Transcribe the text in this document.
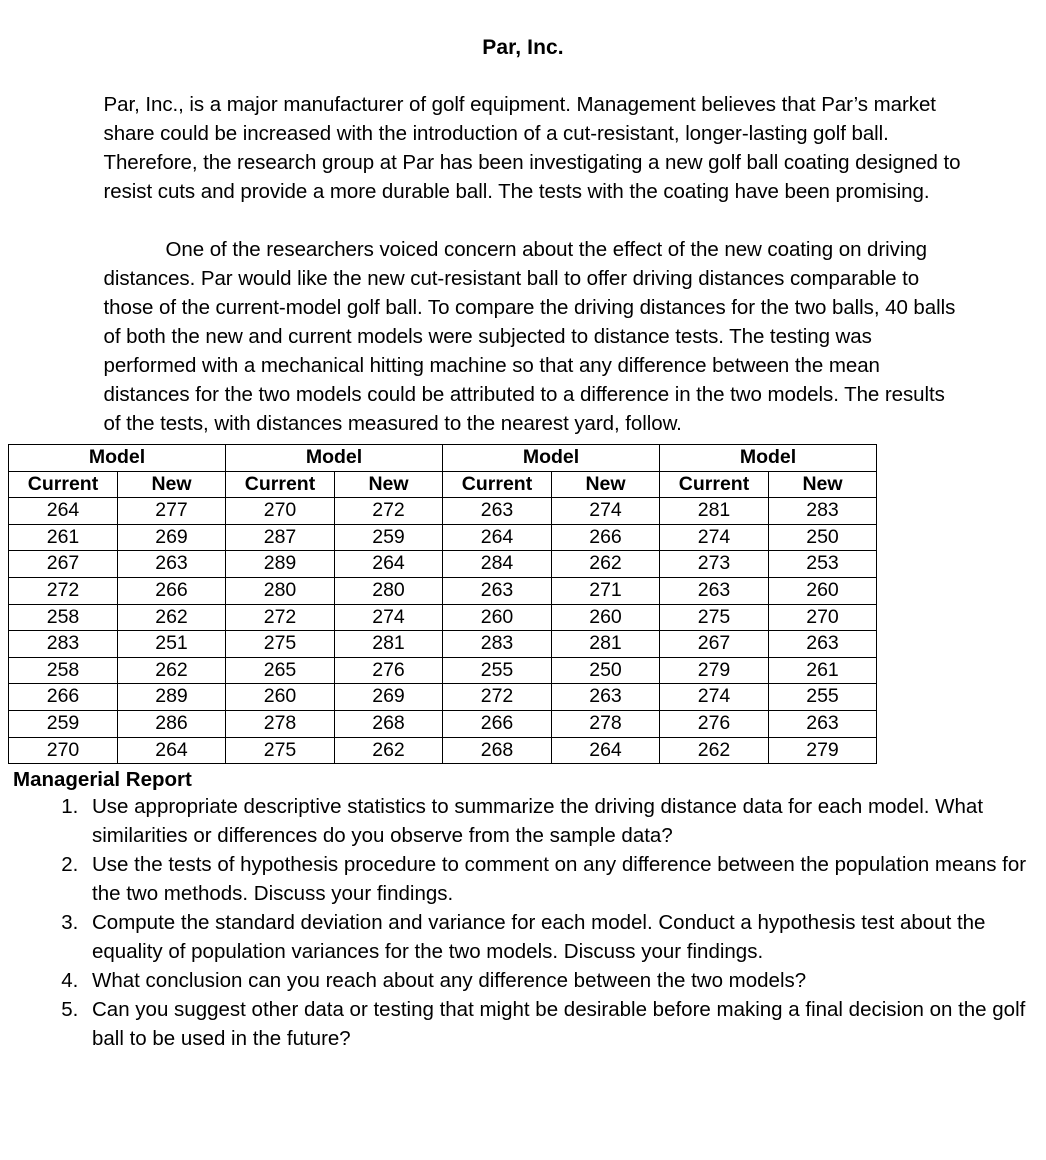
Par, Inc.

Par, Inc., is a major manufacturer of golf equipment. Management believes that Par’s market share could be increased with the introduction of a cut-resistant, longer-lasting golf ball. Therefore, the research group at Par has been investigating a new golf ball coating designed to resist cuts and provide a more durable ball. The tests with the coating have been promising.

One of the researchers voiced concern about the effect of the new coating on driving distances. Par would like the new cut-resistant ball to offer driving distances comparable to those of the current-model golf ball. To compare the driving distances for the two balls, 40 balls of both the new and current models were subjected to distance tests. The testing was performed with a mechanical hitting machine so that any difference between the mean distances for the two models could be attributed to a difference in the two models. The results of the tests, with distances measured to the nearest yard, follow.

Model		Model		Model		Model	
Current	New	Current	New	Current	New	Current	New
264	277	270	272	263	274	281	283
261	269	287	259	264	266	274	250
267	263	289	264	284	262	273	253
272	266	280	280	263	271	263	260
258	262	272	274	260	260	275	270
283	251	275	281	283	281	267	263
258	262	265	276	255	250	279	261
266	289	260	269	272	263	274	255
259	286	278	268	266	278	276	263
270	264	275	262	268	264	262	279
Managerial Report
1. Use appropriate descriptive statistics to summarize the driving distance data for each model. What similarities or differences do you observe from the sample data?
2. Use the tests of hypothesis procedure to comment on any difference between the population means for the two methods. Discuss your findings.
3. Compute the standard deviation and variance for each model. Conduct a hypothesis test about the equality of population variances for the two models. Discuss your findings.
4. What conclusion can you reach about any difference between the two models?
5. Can you suggest other data or testing that might be desirable before making a final decision on the golf ball to be used in the future?
